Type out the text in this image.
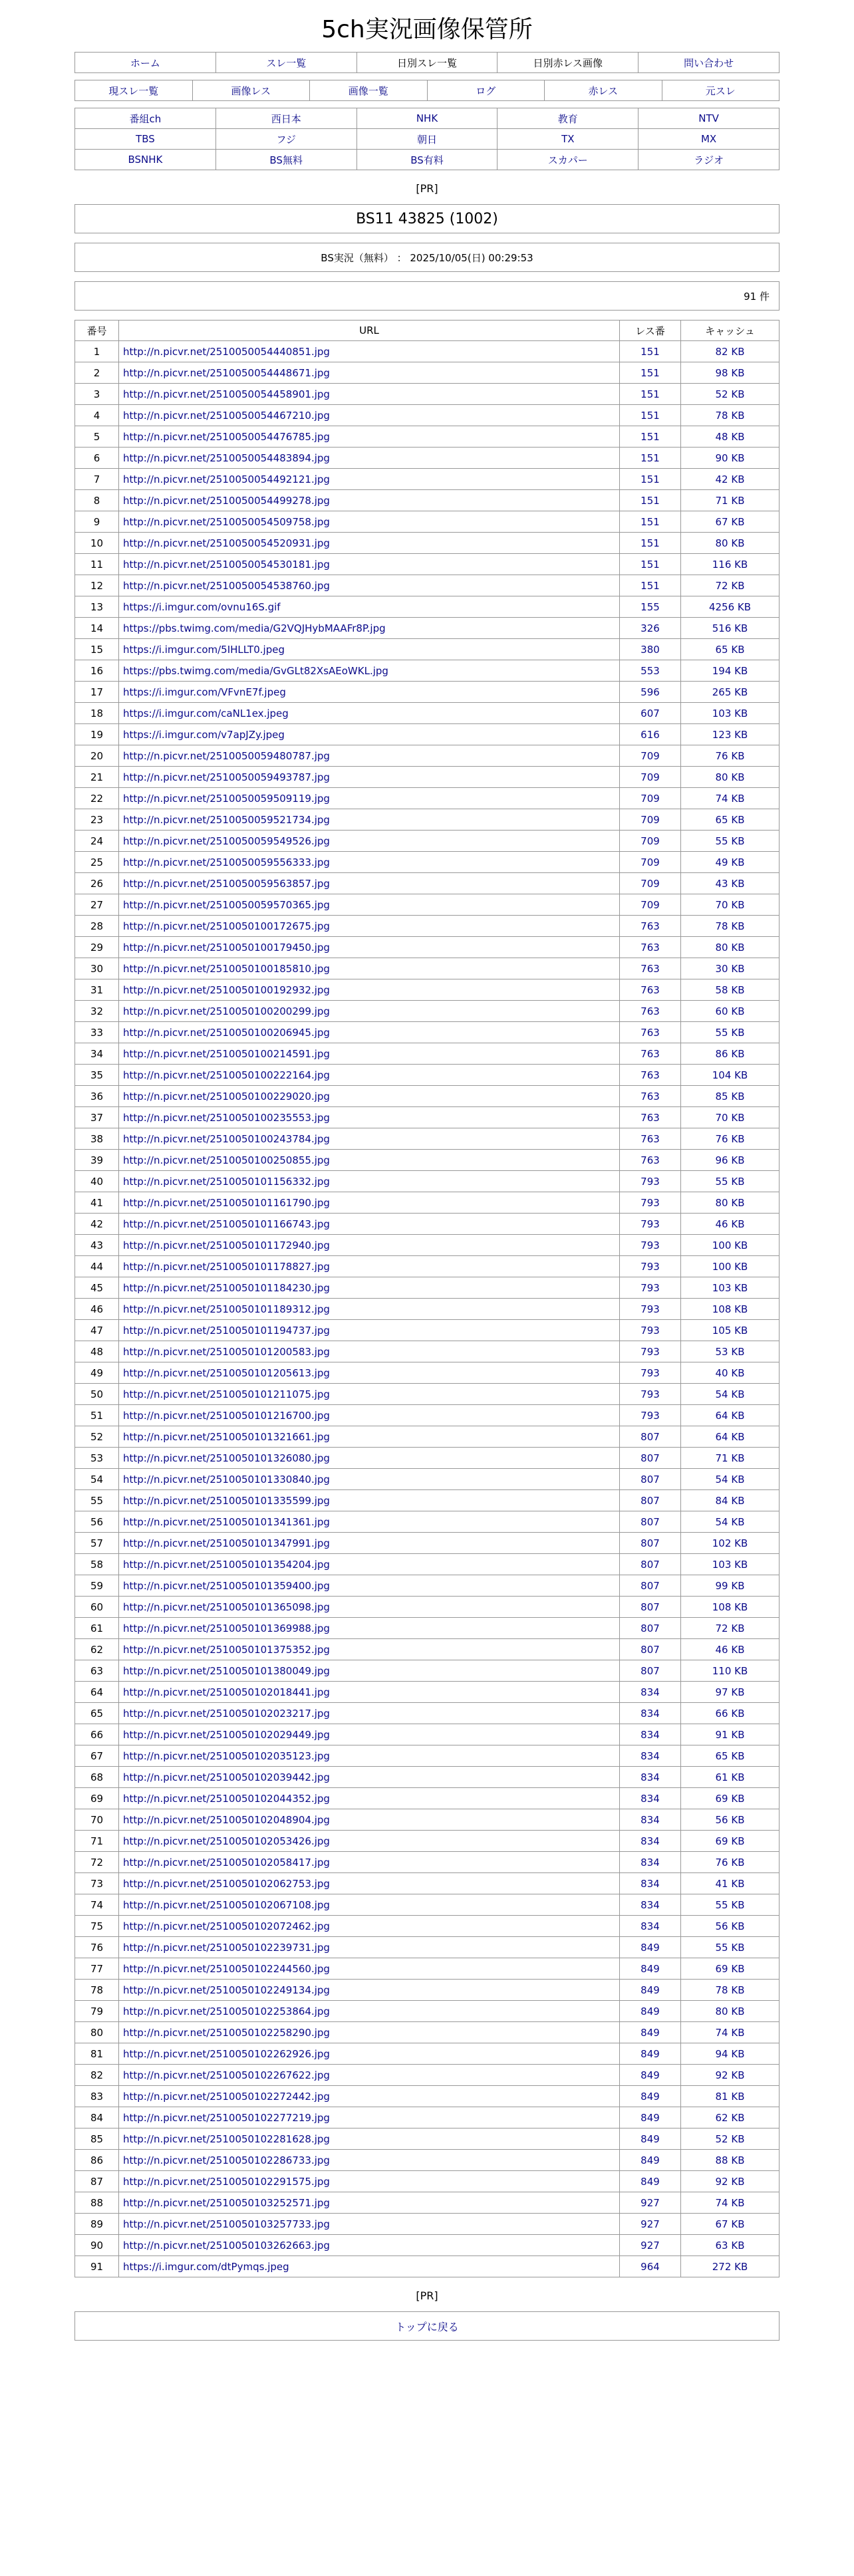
5ch実況画像保管所
ホーム	スレ一覧	日別スレ一覧	日別赤レス画像	問い合わせ
現スレ一覧	画像レス	画像一覧	ログ	赤レス	元スレ
番組ch	西日本	NHK	教育	NTV
TBS	フジ	朝日	TX	MX
BSNHK	BS無料	BS有料	スカパー	ラジオ
[PR]
BS11 43825 (1002)
BS実況（無料） ： 2025/10/05(日) 00:29:53
91 件
番号	URL	レス番	キャッシュ
1	http://n.picvr.net/2510050054440851.jpg	151	82 KB
2	http://n.picvr.net/2510050054448671.jpg	151	98 KB
3	http://n.picvr.net/2510050054458901.jpg	151	52 KB
4	http://n.picvr.net/2510050054467210.jpg	151	78 KB
5	http://n.picvr.net/2510050054476785.jpg	151	48 KB
6	http://n.picvr.net/2510050054483894.jpg	151	90 KB
7	http://n.picvr.net/2510050054492121.jpg	151	42 KB
8	http://n.picvr.net/2510050054499278.jpg	151	71 KB
9	http://n.picvr.net/2510050054509758.jpg	151	67 KB
10	http://n.picvr.net/2510050054520931.jpg	151	80 KB
11	http://n.picvr.net/2510050054530181.jpg	151	116 KB
12	http://n.picvr.net/2510050054538760.jpg	151	72 KB
13	https://i.imgur.com/ovnu16S.gif	155	4256 KB
14	https://pbs.twimg.com/media/G2VQJHybMAAFr8P.jpg	326	516 KB
15	https://i.imgur.com/5IHLLT0.jpeg	380	65 KB
16	https://pbs.twimg.com/media/GvGLt82XsAEoWKL.jpg	553	194 KB
17	https://i.imgur.com/VFvnE7f.jpeg	596	265 KB
18	https://i.imgur.com/caNL1ex.jpeg	607	103 KB
19	https://i.imgur.com/v7apJZy.jpeg	616	123 KB
20	http://n.picvr.net/2510050059480787.jpg	709	76 KB
21	http://n.picvr.net/2510050059493787.jpg	709	80 KB
22	http://n.picvr.net/2510050059509119.jpg	709	74 KB
23	http://n.picvr.net/2510050059521734.jpg	709	65 KB
24	http://n.picvr.net/2510050059549526.jpg	709	55 KB
25	http://n.picvr.net/2510050059556333.jpg	709	49 KB
26	http://n.picvr.net/2510050059563857.jpg	709	43 KB
27	http://n.picvr.net/2510050059570365.jpg	709	70 KB
28	http://n.picvr.net/2510050100172675.jpg	763	78 KB
29	http://n.picvr.net/2510050100179450.jpg	763	80 KB
30	http://n.picvr.net/2510050100185810.jpg	763	30 KB
31	http://n.picvr.net/2510050100192932.jpg	763	58 KB
32	http://n.picvr.net/2510050100200299.jpg	763	60 KB
33	http://n.picvr.net/2510050100206945.jpg	763	55 KB
34	http://n.picvr.net/2510050100214591.jpg	763	86 KB
35	http://n.picvr.net/2510050100222164.jpg	763	104 KB
36	http://n.picvr.net/2510050100229020.jpg	763	85 KB
37	http://n.picvr.net/2510050100235553.jpg	763	70 KB
38	http://n.picvr.net/2510050100243784.jpg	763	76 KB
39	http://n.picvr.net/2510050100250855.jpg	763	96 KB
40	http://n.picvr.net/2510050101156332.jpg	793	55 KB
41	http://n.picvr.net/2510050101161790.jpg	793	80 KB
42	http://n.picvr.net/2510050101166743.jpg	793	46 KB
43	http://n.picvr.net/2510050101172940.jpg	793	100 KB
44	http://n.picvr.net/2510050101178827.jpg	793	100 KB
45	http://n.picvr.net/2510050101184230.jpg	793	103 KB
46	http://n.picvr.net/2510050101189312.jpg	793	108 KB
47	http://n.picvr.net/2510050101194737.jpg	793	105 KB
48	http://n.picvr.net/2510050101200583.jpg	793	53 KB
49	http://n.picvr.net/2510050101205613.jpg	793	40 KB
50	http://n.picvr.net/2510050101211075.jpg	793	54 KB
51	http://n.picvr.net/2510050101216700.jpg	793	64 KB
52	http://n.picvr.net/2510050101321661.jpg	807	64 KB
53	http://n.picvr.net/2510050101326080.jpg	807	71 KB
54	http://n.picvr.net/2510050101330840.jpg	807	54 KB
55	http://n.picvr.net/2510050101335599.jpg	807	84 KB
56	http://n.picvr.net/2510050101341361.jpg	807	54 KB
57	http://n.picvr.net/2510050101347991.jpg	807	102 KB
58	http://n.picvr.net/2510050101354204.jpg	807	103 KB
59	http://n.picvr.net/2510050101359400.jpg	807	99 KB
60	http://n.picvr.net/2510050101365098.jpg	807	108 KB
61	http://n.picvr.net/2510050101369988.jpg	807	72 KB
62	http://n.picvr.net/2510050101375352.jpg	807	46 KB
63	http://n.picvr.net/2510050101380049.jpg	807	110 KB
64	http://n.picvr.net/2510050102018441.jpg	834	97 KB
65	http://n.picvr.net/2510050102023217.jpg	834	66 KB
66	http://n.picvr.net/2510050102029449.jpg	834	91 KB
67	http://n.picvr.net/2510050102035123.jpg	834	65 KB
68	http://n.picvr.net/2510050102039442.jpg	834	61 KB
69	http://n.picvr.net/2510050102044352.jpg	834	69 KB
70	http://n.picvr.net/2510050102048904.jpg	834	56 KB
71	http://n.picvr.net/2510050102053426.jpg	834	69 KB
72	http://n.picvr.net/2510050102058417.jpg	834	76 KB
73	http://n.picvr.net/2510050102062753.jpg	834	41 KB
74	http://n.picvr.net/2510050102067108.jpg	834	55 KB
75	http://n.picvr.net/2510050102072462.jpg	834	56 KB
76	http://n.picvr.net/2510050102239731.jpg	849	55 KB
77	http://n.picvr.net/2510050102244560.jpg	849	69 KB
78	http://n.picvr.net/2510050102249134.jpg	849	78 KB
79	http://n.picvr.net/2510050102253864.jpg	849	80 KB
80	http://n.picvr.net/2510050102258290.jpg	849	74 KB
81	http://n.picvr.net/2510050102262926.jpg	849	94 KB
82	http://n.picvr.net/2510050102267622.jpg	849	92 KB
83	http://n.picvr.net/2510050102272442.jpg	849	81 KB
84	http://n.picvr.net/2510050102277219.jpg	849	62 KB
85	http://n.picvr.net/2510050102281628.jpg	849	52 KB
86	http://n.picvr.net/2510050102286733.jpg	849	88 KB
87	http://n.picvr.net/2510050102291575.jpg	849	92 KB
88	http://n.picvr.net/2510050103252571.jpg	927	74 KB
89	http://n.picvr.net/2510050103257733.jpg	927	67 KB
90	http://n.picvr.net/2510050103262663.jpg	927	63 KB
91	https://i.imgur.com/dtPymqs.jpeg	964	272 KB
[PR]
トップに戻る
